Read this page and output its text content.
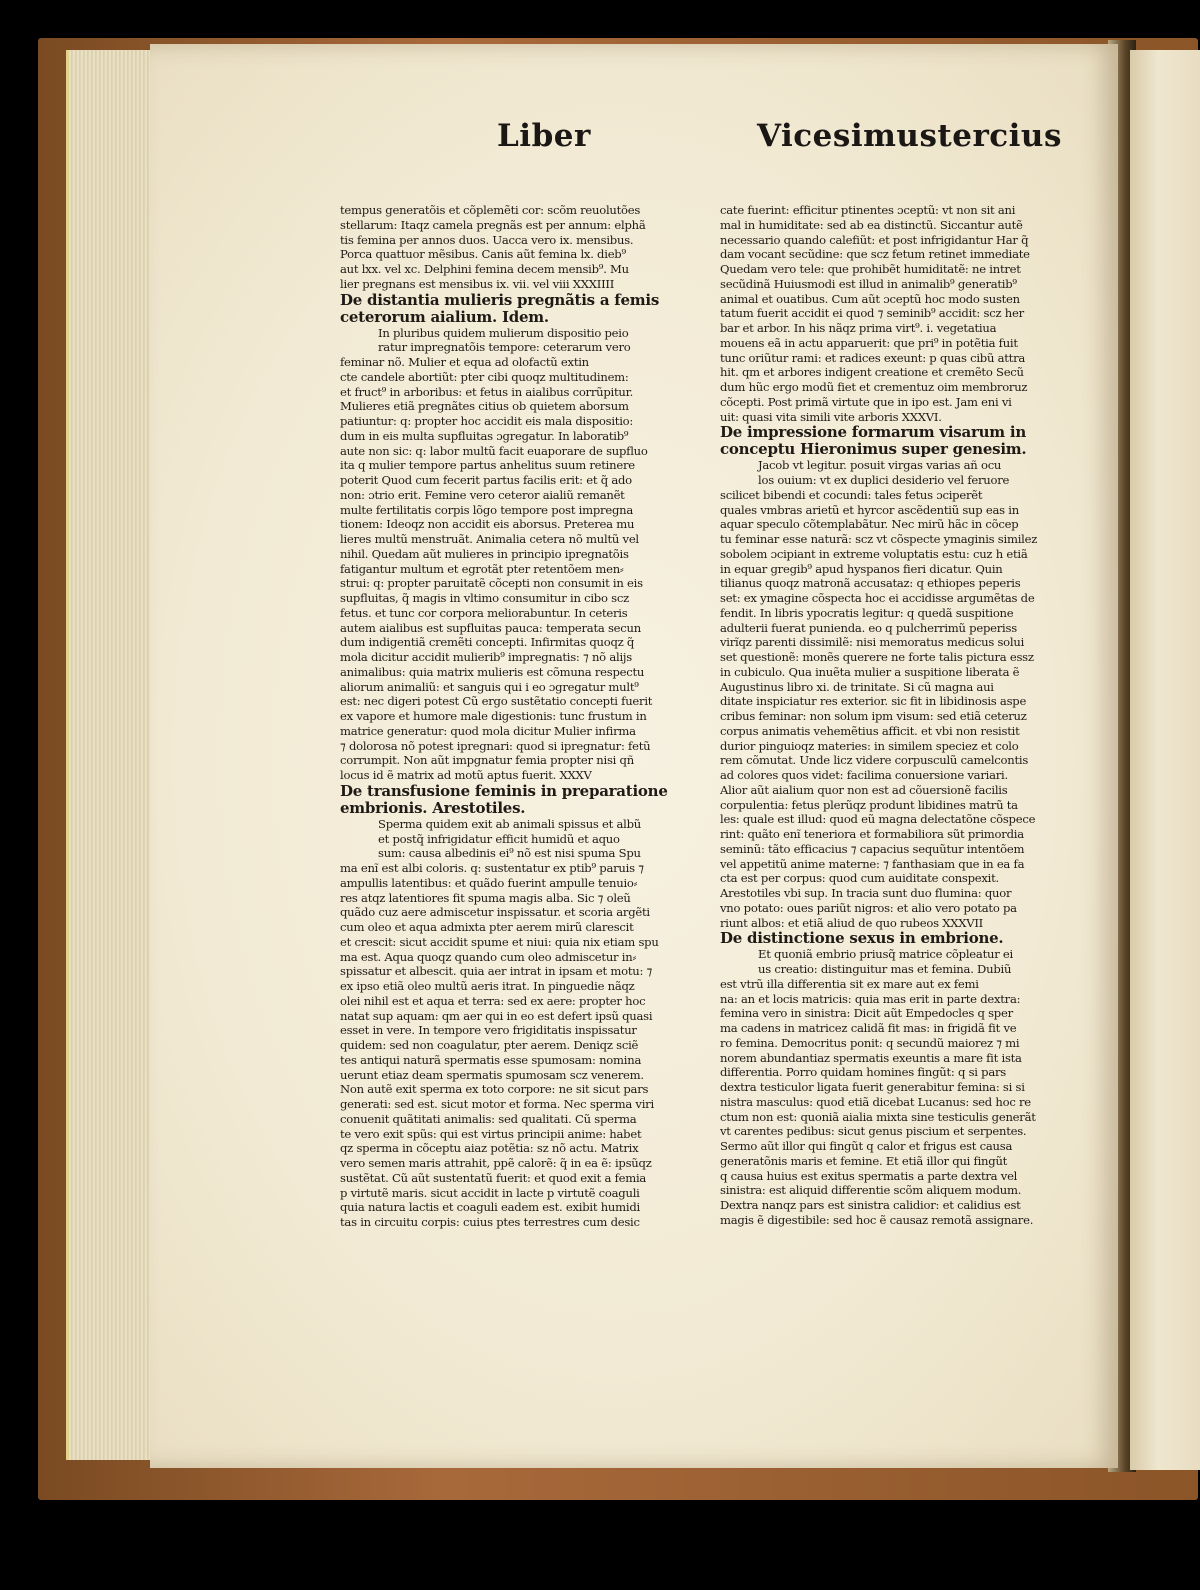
Liber	Vicesimustercius
tempus generatõis et cõplemẽti cor: scõm reuolutões
stellarum: Itaqz camela pregnãs est per annum: elphã
tis femina per annos duos. Uacca vero ix. mensibus.
Porca quattuor mẽsibus. Canis aũt femina lx. dieb⁹
aut lxx. vel xc. Delphini femina decem mensib⁹. Mu
lier pregnans est mensibus ix. vii. vel viii XXXIIII
De distantia mulieris pregnãtis a femis
ceterorum aialium. Idem.
In pluribus quidem mulierum dispositio peio
ratur impregnatõis tempore: ceterarum vero
feminar nõ. Mulier et equa ad olofactũ extin
cte candele abortiũt: pter cibi quoqz multitudinem:
et fruct⁹ in arboribus: et fetus in aialibus corrũpitur.
Mulieres etiã pregnãtes citius ob quietem aborsum
patiuntur: q: propter hoc accidit eis mala dispositio:
dum in eis multa supfluitas ɔgregatur. In laboratib⁹
aute non sic: q: labor multũ facit euaporare de supfluo
ita q mulier tempore partus anhelitus suum retinere
poterit Quod cum fecerit partus facilis erit: et q̃ ado
non: ɔtrio erit. Femine vero ceteror aialiũ remanẽt
multe fertilitatis corpis lõgo tempore post impregna
tionem: Ideoqz non accidit eis aborsus. Preterea mu
lieres multũ menstruãt. Animalia cetera nõ multũ vel
nihil. Quedam aũt mulieres in principio ipregnatõis
fatigantur multum et egrotãt pter retentõem men⸗
strui: q: propter paruitatẽ cõcepti non consumit in eis
supfluitas, q̃ magis in vltimo consumitur in cibo scz
fetus. et tunc cor corpora meliorabuntur. In ceteris
autem aialibus est supfluitas pauca: temperata secun
dum indigentiã cremẽti concepti. Infirmitas quoqz q̃
mola dicitur accidit mulierib⁹ impregnatis: ⁊ nõ alijs
animalibus: quia matrix mulieris est cõmuna respectu
aliorum animaliũ: et sanguis qui i eo ɔgregatur mult⁹
est: nec digeri potest Cũ ergo sustẽtatio concepti fuerit
ex vapore et humore male digestionis: tunc frustum in
matrice generatur: quod mola dicitur Mulier infirma
⁊ dolorosa nõ potest ipregnari: quod si ipregnatur: fetũ
corrumpit. Non aũt impgnatur femia propter nisi qñ
locus id ẽ matrix ad motũ aptus fuerit. XXXV
De transfusione feminis in preparatione
embrionis. Arestotiles.
Sperma quidem exit ab animali spissus et albũ
et postq̃ infrigidatur efficit humidũ et aquo
sum: causa albedinis ei⁹ nõ est nisi spuma Spu
ma enĩ est albi coloris. q: sustentatur ex ptib⁹ paruis ⁊
ampullis latentibus: et quãdo fuerint ampulle tenuio⸗
res atqz latentiores fit spuma magis alba. Sic ⁊ oleũ
quãdo cuz aere admiscetur inspissatur. et scoria argẽti
cum oleo et aqua admixta pter aerem mirũ clarescit
et crescit: sicut accidit spume et niui: quia nix etiam spu
ma est. Aqua quoqz quando cum oleo admiscetur in⸗
spissatur et albescit. quia aer intrat in ipsam et motu: ⁊
ex ipso etiã oleo multũ aeris itrat. In pinguedie nãqz
olei nihil est et aqua et terra: sed ex aere: propter hoc
natat sup aquam: qm aer qui in eo est defert ipsũ quasi
esset in vere. In tempore vero frigiditatis inspissatur
quidem: sed non coagulatur, pter aerem. Deniqz sciẽ
tes antiqui naturã spermatis esse spumosam: nomina
uerunt etiaz deam spermatis spumosam scz venerem.
Non autẽ exit sperma ex toto corpore: ne sit sicut pars
generati: sed est. sicut motor et forma. Nec sperma viri
conuenit quãtitati animalis: sed qualitati. Cũ sperma
te vero exit spũs: qui est virtus principii anime: habet
qz sperma in cõceptu aiaz potẽtia: sz nõ actu. Matrix
vero semen maris attrahit, ppẽ calorẽ: q̃ in ea ẽ: ipsũqz
sustẽtat. Cũ aũt sustentatũ fuerit: et quod exit a femia
p virtutẽ maris. sicut accidit in lacte p virtutẽ coaguli
quia natura lactis et coaguli eadem est. exibit humidi
tas in circuitu corpis: cuius ptes terrestres cum desic
cate fuerint: efficitur ptinentes ɔceptũ: vt non sit ani
mal in humiditate: sed ab ea distinctũ. Siccantur autẽ
necessario quando calefiũt: et post infrigidantur Har q̃
dam vocant secũdine: que scz fetum retinet immediate
Quedam vero tele: que prohibẽt humiditatẽ: ne intret
secũdinã Huiusmodi est illud in animalib⁹ generatib⁹
animal et ouatibus. Cum aũt ɔceptũ hoc modo susten
tatum fuerit accidit ei quod ⁊ seminib⁹ accidit: scz her
bar et arbor. In his nãqz prima virt⁹. i. vegetatiua
mouens eã in actu apparuerit: que pri⁹ in potẽtia fuit
tunc oriũtur rami: et radices exeunt: p quas cibũ attra
hit. qm et arbores indigent creatione et cremẽto Secũ
dum hũc ergo modũ fiet et crementuz oim membroruz
cõcepti. Post primã virtute que in ipo est. Jam eni vi
uit: quasi vita simili vite arboris XXXVI.
De impressione formarum visarum in
conceptu Hieronimus super genesim.
Jacob vt legitur. posuit virgas varias añ ocu
los ouium: vt ex duplici desiderio vel feruore
scilicet bibendi et cocundi: tales fetus ɔciperẽt
quales vmbras arietũ et hyrcor ascẽdentiũ sup eas in
aquar speculo cõtemplabãtur. Nec mirũ hãc in cõcep
tu feminar esse naturã: scz vt cõspecte ymaginis similez
sobolem ɔcipiant in extreme voluptatis estu: cuz h etiã
in equar gregib⁹ apud hyspanos fieri dicatur. Quin
tilianus quoqz matronã accusataz: q ethiopes peperis
set: ex ymagine cõspecta hoc ei accidisse argumẽtas de
fendit. In libris ypocratis legitur: q quedã suspitione
adulterii fuerat punienda. eo q pulcherrimũ peperiss
virĩqz parenti dissimilẽ: nisi memoratus medicus solui
set questionẽ: monẽs querere ne forte talis pictura essz
in cubiculo. Qua inuẽta mulier a suspitione liberata ẽ
Augustinus libro xi. de trinitate. Si cũ magna aui
ditate inspiciatur res exterior. sic fit in libidinosis aspe
cribus feminar: non solum ipm visum: sed etiã ceteruz
corpus animatis vehemẽtius afficit. et vbi non resistit
durior pinguioqz materies: in similem speciez et colo
rem cõmutat. Unde licz videre corpusculũ camelcontis
ad colores quos videt: facilima conuersione variari.
Alior aũt aialium quor non est ad cõuersionẽ facilis
corpulentia: fetus plerũqz produnt libidines matrũ ta
les: quale est illud: quod eũ magna delectatõne cõspece
rint: quãto enĩ teneriora et formabiliora sũt primordia
seminũ: tãto efficacius ⁊ capacius sequũtur intentõem
vel appetitũ anime materne: ⁊ fanthasiam que in ea fa
cta est per corpus: quod cum auiditate conspexit.
Arestotiles vbi sup. In tracia sunt duo flumina: quor
vno potato: oues pariũt nigros: et alio vero potato pa
riunt albos: et etiã aliud de quo rubeos XXXVII
De distinctione sexus in embrione.
Et quoniã embrio priusq̃ matrice cõpleatur ei
us creatio: distinguitur mas et femina. Dubiũ
est vtrũ illa differentia sit ex mare aut ex femi
na: an et locis matricis: quia mas erit in parte dextra:
femina vero in sinistra: Dicit aũt Empedocles q sper
ma cadens in matricez calidã fit mas: in frigidã fit ve
ro femina. Democritus ponit: q secundũ maiorez ⁊ mi
norem abundantiaz spermatis exeuntis a mare fit ista
differentia. Porro quidam homines fingũt: q si pars
dextra testiculor ligata fuerit generabitur femina: si si
nistra masculus: quod etiã dicebat Lucanus: sed hoc re
ctum non est: quoniã aialia mixta sine testiculis generãt
vt carentes pedibus: sicut genus piscium et serpentes.
Sermo aũt illor qui fingũt q calor et frigus est causa
generatõnis maris et femine. Et etiã illor qui fingũt
q causa huius est exitus spermatis a parte dextra vel
sinistra: est aliquid differentie scõm aliquem modum.
Dextra nanqz pars est sinistra calidior: et calidius est
magis ẽ digestibile: sed hoc ẽ causaz remotã assignare.
